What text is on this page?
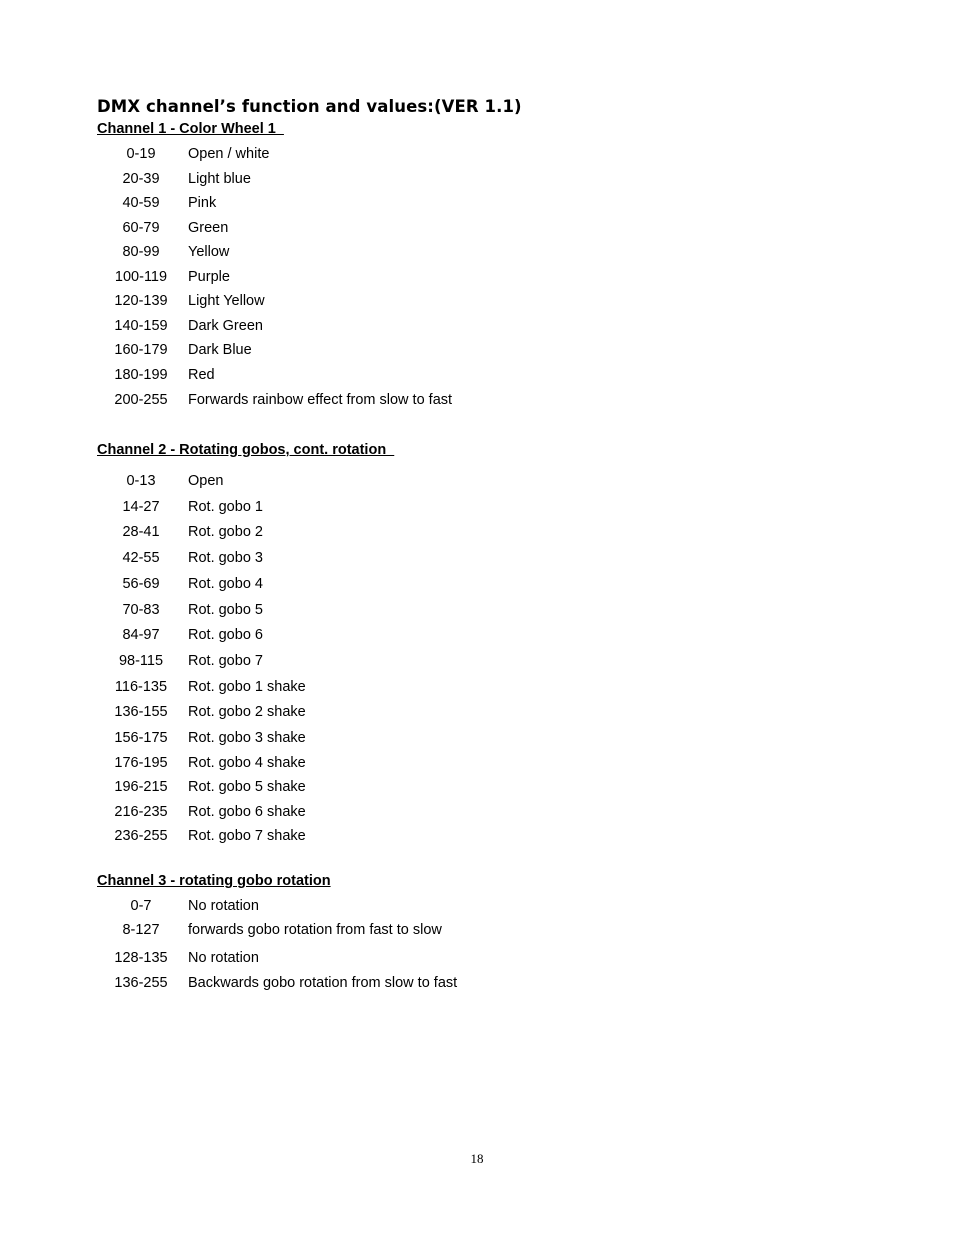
DMX channel’s function and values:(VER 1.1)
Channel 1 - Color Wheel 1
Channel 2 - Rotating gobos, cont. rotation
Channel 3 - rotating gobo rotation
0-19	Open / white
20-39	Light blue
40-59	Pink
60-79	Green
80-99	Yellow
100-119	Purple
120-139	Light Yellow
140-159	Dark Green
160-179	Dark Blue
180-199	Red
200-255	Forwards rainbow effect from slow to fast
0-13	Open
14-27	Rot. gobo 1
28-41	Rot. gobo 2
42-55	Rot. gobo 3
56-69	Rot. gobo 4
70-83	Rot. gobo 5
84-97	Rot. gobo 6
98-115	Rot. gobo 7
116-135	Rot. gobo 1 shake
136-155	Rot. gobo 2 shake
156-175	Rot. gobo 3 shake
176-195	Rot. gobo 4 shake
196-215	Rot. gobo 5 shake
216-235	Rot. gobo 6 shake
236-255	Rot. gobo 7 shake
0-7	No rotation
8-127	forwards gobo rotation from fast to slow
128-135	No rotation
136-255	Backwards gobo rotation from slow to fast
18
